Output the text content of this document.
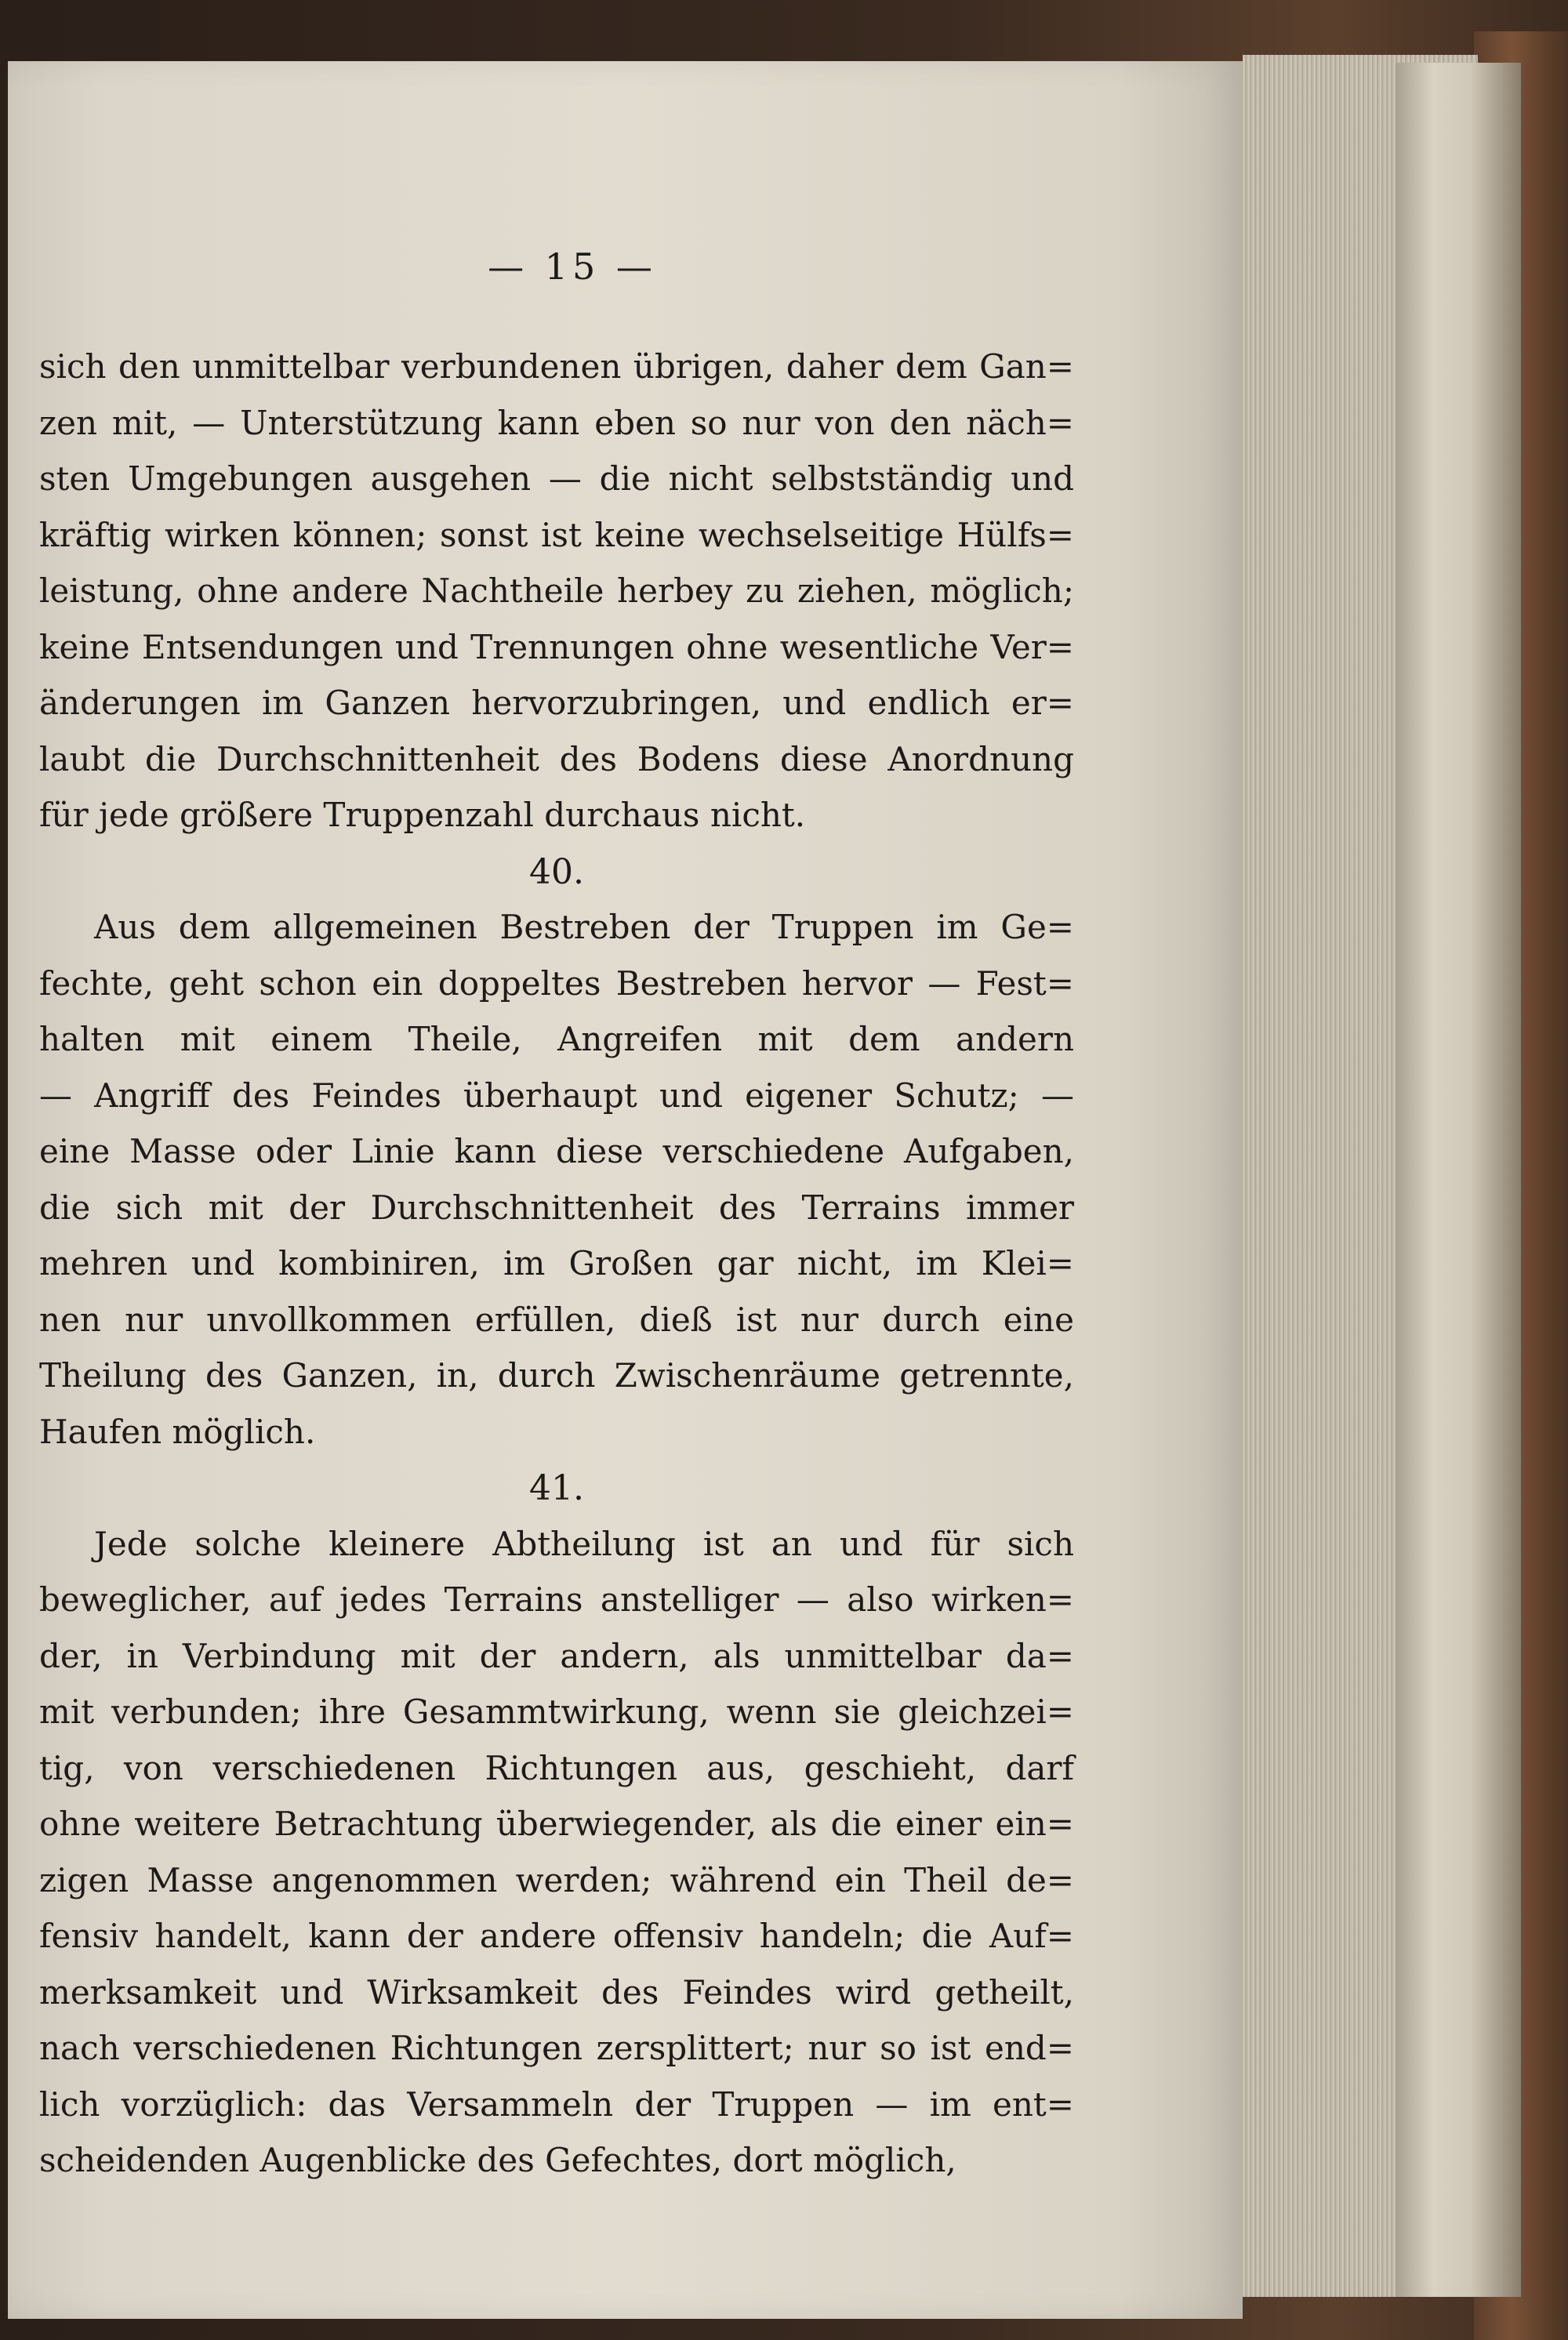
— 15 —
sich den unmittelbar verbundenen übrigen, daher dem Gan=
zen mit, — Unterstützung kann eben so nur von den näch=
sten Umgebungen ausgehen — die nicht selbstständig und
kräftig wirken können; sonst ist keine wechselseitige Hülfs=
leistung, ohne andere Nachtheile herbey zu ziehen, möglich;
keine Entsendungen und Trennungen ohne wesentliche Ver=
änderungen im Ganzen hervorzubringen, und endlich er=
laubt die Durchschnittenheit des Bodens diese Anordnung
für jede größere Truppenzahl durchaus nicht.
40.
Aus dem allgemeinen Bestreben der Truppen im Ge=
fechte, geht schon ein doppeltes Bestreben hervor — Fest=
halten mit einem Theile, Angreifen mit dem andern
— Angriff des Feindes überhaupt und eigener Schutz; —
eine Masse oder Linie kann diese verschiedene Aufgaben,
die sich mit der Durchschnittenheit des Terrains immer
mehren und kombiniren, im Großen gar nicht, im Klei=
nen nur unvollkommen erfüllen, dieß ist nur durch eine
Theilung des Ganzen, in, durch Zwischenräume getrennte,
Haufen möglich.
41.
Jede solche kleinere Abtheilung ist an und für sich
beweglicher, auf jedes Terrains anstelliger — also wirken=
der, in Verbindung mit der andern, als unmittelbar da=
mit verbunden; ihre Gesammtwirkung, wenn sie gleichzei=
tig, von verschiedenen Richtungen aus, geschieht, darf
ohne weitere Betrachtung überwiegender, als die einer ein=
zigen Masse angenommen werden; während ein Theil de=
fensiv handelt, kann der andere offensiv handeln; die Auf=
merksamkeit und Wirksamkeit des Feindes wird getheilt,
nach verschiedenen Richtungen zersplittert; nur so ist end=
lich vorzüglich: das Versammeln der Truppen — im ent=
scheidenden Augenblicke des Gefechtes, dort möglich,
